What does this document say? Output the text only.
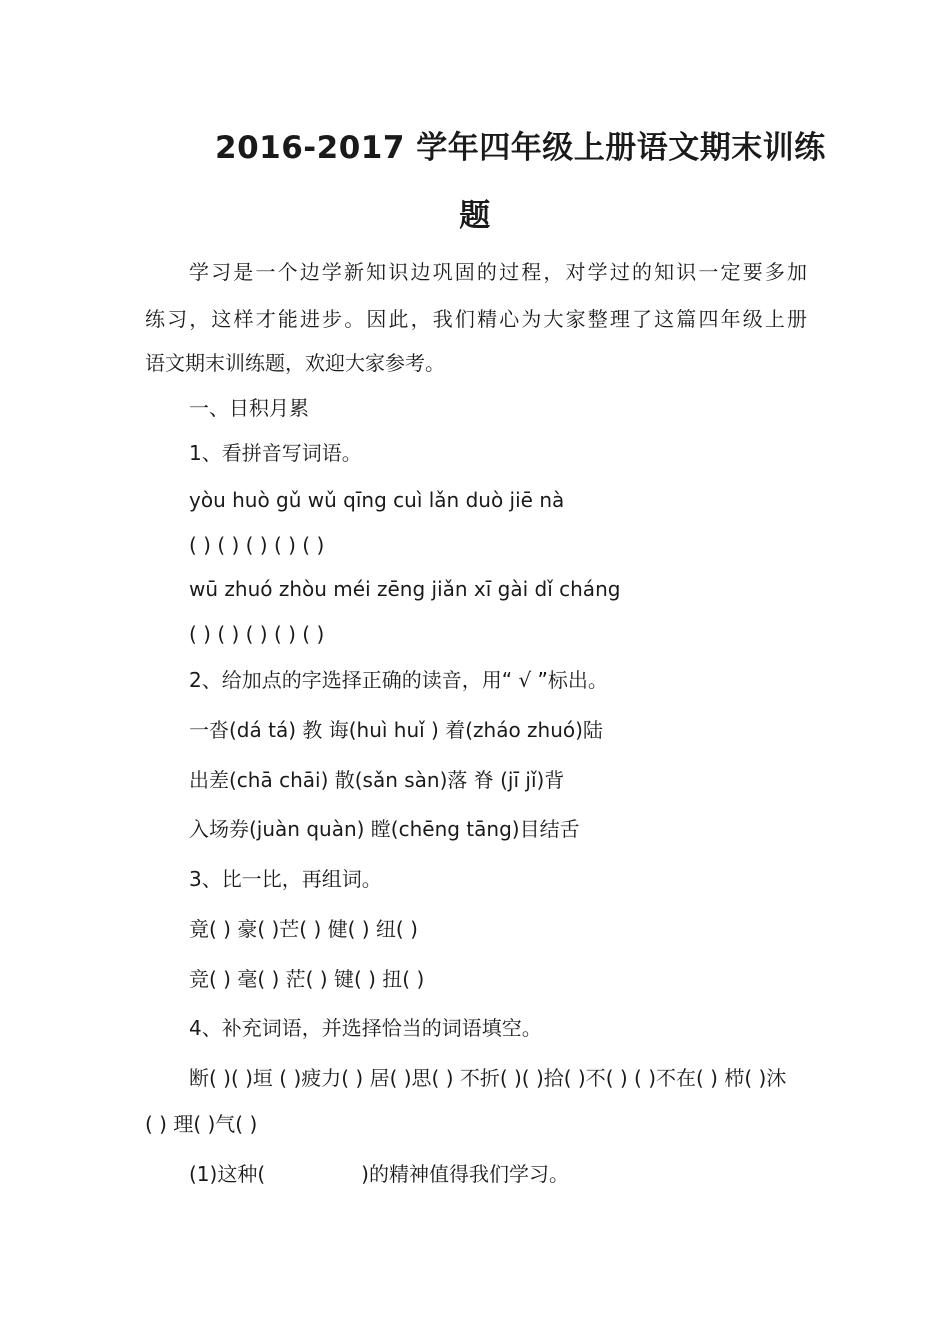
2016-2017 学年四年级上册语文期末训练
题
学习是一个边学新知识边巩固的过程，对学过的知识一定要多加
练习，这样才能进步。因此，我们精心为大家整理了这篇四年级上册
语文期末训练题，欢迎大家参考。
一、日积月累
1、看拼音写词语。
yòu huò gǔ wǔ qīng cuì lǎn duò jiē nà
( ) ( ) ( ) ( ) ( )
wū zhuó zhòu méi zēng jiǎn xī gài dǐ cháng
( ) ( ) ( ) ( ) ( )
2、给加点的字选择正确的读音，用“ √ ”标出。
一沓(dá tá) 教 诲(huì huǐ ) 着(zháo zhuó)陆
出差(chā chāi) 散(sǎn sàn)落 脊 (jī jǐ)背
入场券(juàn quàn) 瞠(chēng tāng)目结舌
3、比一比，再组词。
竟( ) 豪( )芒( ) 健( ) 纽( )
竞( ) 毫( ) 茫( ) 键( ) 扭( )
4、补充词语，并选择恰当的词语填空。
断( )( )垣 ( )疲力( ) 居( )思( ) 不折( )( )拾( )不( ) ( )不在( ) 栉( )沐
( ) 理( )气( )
(1)这种(	)的精神值得我们学习。
